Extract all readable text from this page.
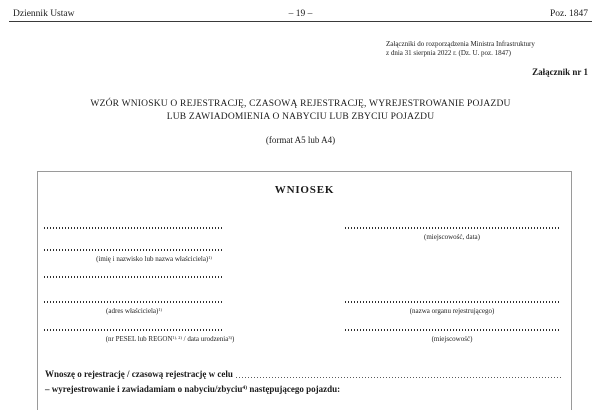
Dziennik Ustaw	– 19 –	Poz. 1847
Załączniki do rozporządzenia Ministra Infrastruktury
z dnia 31 sierpnia 2022 r. (Dz. U. poz. 1847)
Załącznik nr 1
WZÓR WNIOSKU O REJESTRACJĘ, CZASOWĄ REJESTRACJĘ, WYREJESTROWANIE POJAZDU
LUB ZAWIADOMIENIA O NABYCIU LUB ZBYCIU POJAZDU
(format A5 lub A4)
WNIOSEK
(imię i nazwisko lub nazwa właściciela)$^{1)}$
(adres właściciela)$^{1)}$
(nr PESEL lub $REGON^{1), 2)}$ / data urodzenia$^{3)}$)
(miejscowość, data)
(nazwa organu rejestrującego)
(miejscowość)
Wnoszę o rejestrację / czasową rejestrację w celu
– wyrejestrowanie i zawiadamiam o nabyciu/zbyciu$^{4)}$ następującego pojazdu:
